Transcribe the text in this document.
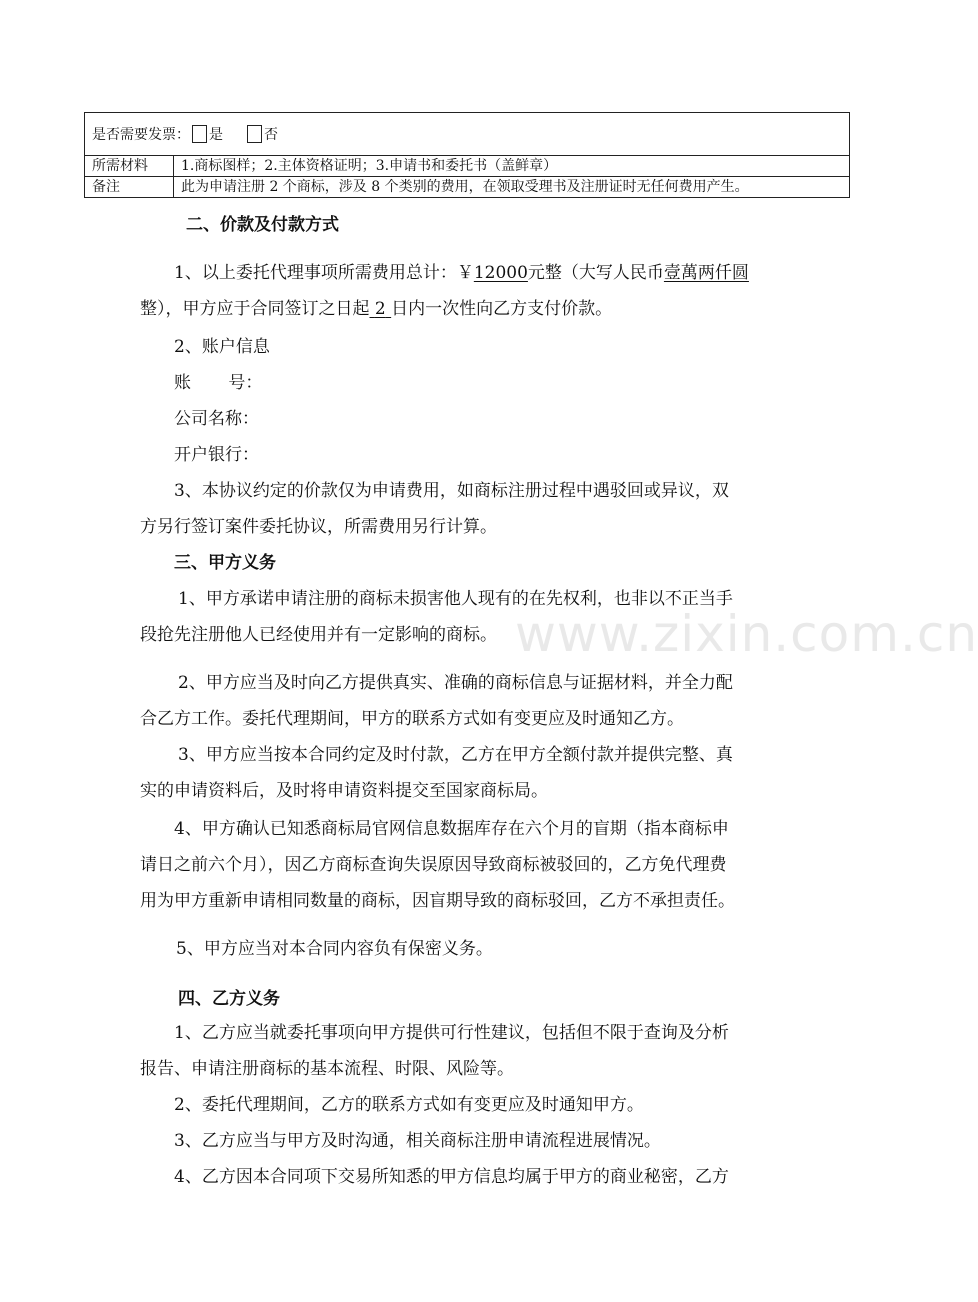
www.zixin.com.cn
是否需要发票： 是 否	
所需材料	1.商标图样；2.主体资格证明；3.申请书和委托书（盖鲜章）
备注	此为申请注册 2 个商标，涉及 8 个类别的费用，在领取受理书及注册证时无任何费用产生。
二、价款及付款方式
1、以上委托代理事项所需费用总计：￥12000元整（大写人民币壹萬两仟圆
整），甲方应于合同签订之日起 2 日内一次性向乙方支付价款。
2、账户信息
账 号：
公司名称：
开户银行：
3、本协议约定的价款仅为申请费用，如商标注册过程中遇驳回或异议，双
方另行签订案件委托协议，所需费用另行计算。
三、甲方义务
1、甲方承诺申请注册的商标未损害他人现有的在先权利，也非以不正当手
段抢先注册他人已经使用并有一定影响的商标。
2、甲方应当及时向乙方提供真实、准确的商标信息与证据材料，并全力配
合乙方工作。委托代理期间，甲方的联系方式如有变更应及时通知乙方。
3、甲方应当按本合同约定及时付款，乙方在甲方全额付款并提供完整、真
实的申请资料后，及时将申请资料提交至国家商标局。
4、甲方确认已知悉商标局官网信息数据库存在六个月的盲期（指本商标申
请日之前六个月），因乙方商标查询失误原因导致商标被驳回的，乙方免代理费
用为甲方重新申请相同数量的商标，因盲期导致的商标驳回，乙方不承担责任。
5、甲方应当对本合同内容负有保密义务。
四、乙方义务
1、乙方应当就委托事项向甲方提供可行性建议，包括但不限于查询及分析
报告、申请注册商标的基本流程、时限、风险等。
2、委托代理期间，乙方的联系方式如有变更应及时通知甲方。
3、乙方应当与甲方及时沟通，相关商标注册申请流程进展情况。
4、乙方因本合同项下交易所知悉的甲方信息均属于甲方的商业秘密，乙方
